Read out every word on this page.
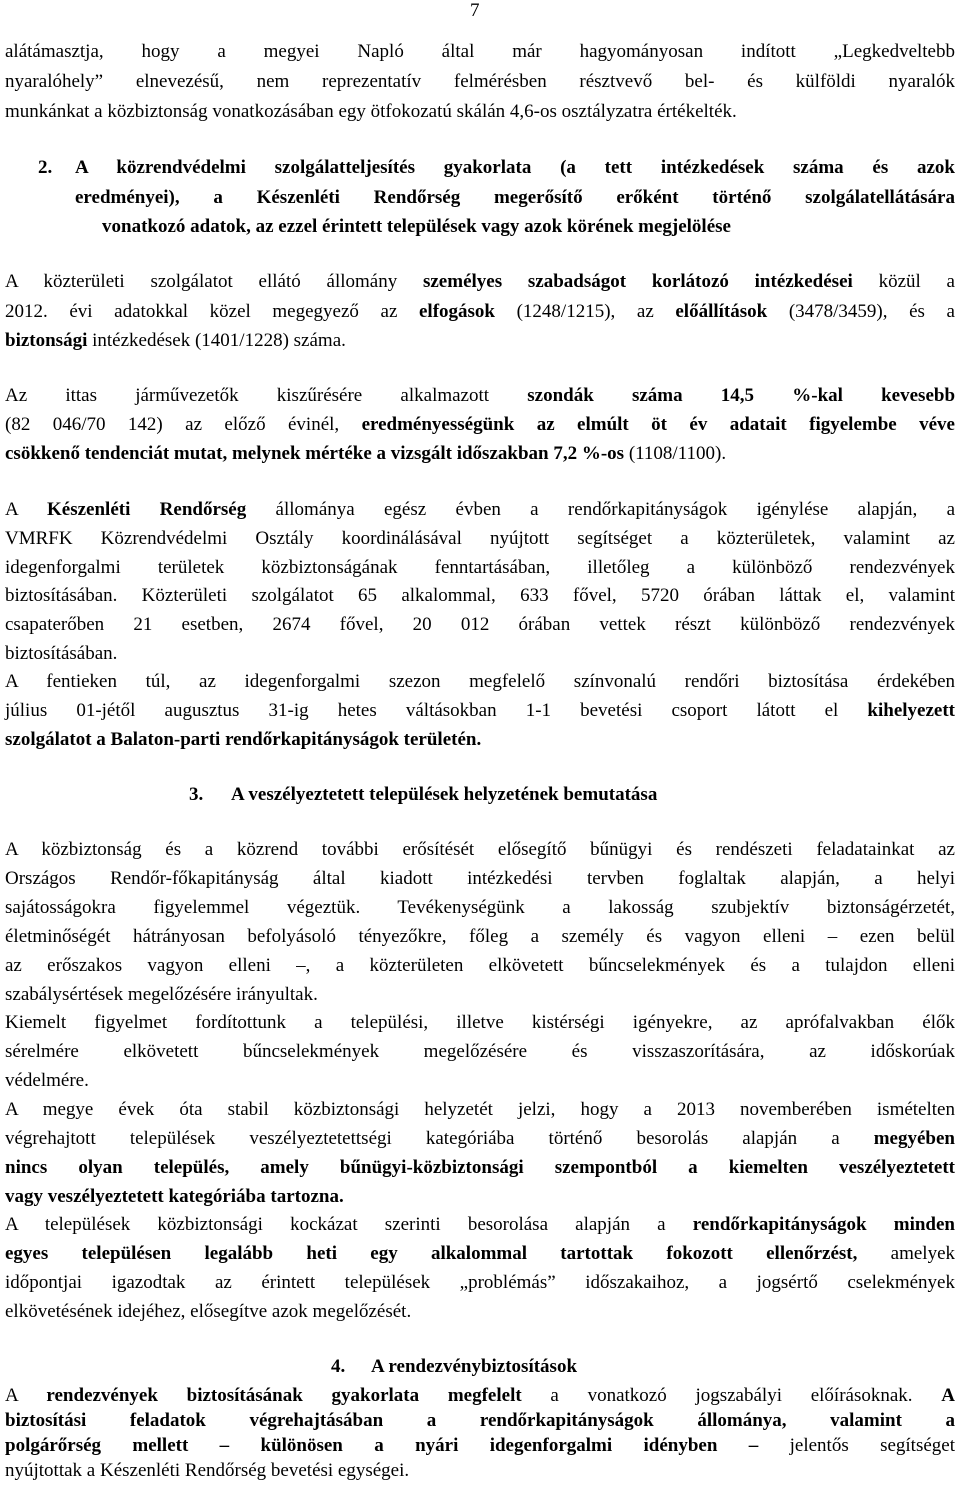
7
alátámasztja, hogy a megyei Napló által már hagyományosan indított „Legkedveltebb
nyaralóhely” elnevezésű, nem reprezentatív felmérésben résztvevő bel- és külföldi nyaralók
munkánkat a közbiztonság vonatkozásában egy ötfokozatú skálán 4,6-os osztályzatra értékelték.
2. A közrendvédelmi szolgálatteljesítés gyakorlata (a tett intézkedések száma és azok
eredményei), a Készenléti Rendőrség megerősítő erőként történő szolgálatellátására
vonatkozó adatok, az ezzel érintett települések vagy azok körének megjelölése
A közterületi szolgálatot ellátó állomány személyes szabadságot korlátozó intézkedései közül a
2012. évi adatokkal közel megegyező az elfogások (1248/1215), az előállítások (3478/3459), és a
biztonsági intézkedések (1401/1228) száma.
Az ittas járművezetők kiszűrésére alkalmazott szondák száma 14,5 %-kal kevesebb
(82 046/70 142) az előző évinél, eredményességünk az elmúlt öt év adatait figyelembe véve
csökkenő tendenciát mutat, melynek mértéke a vizsgált időszakban 7,2 %-os (1108/1100).
A Készenléti Rendőrség állománya egész évben a rendőrkapitányságok igénylése alapján, a
VMRFK Közrendvédelmi Osztály koordinálásával nyújtott segítséget a közterületek, valamint az
idegenforgalmi területek közbiztonságának fenntartásában, illetőleg a különböző rendezvények
biztosításában. Közterületi szolgálatot 65 alkalommal, 633 fővel, 5720 órában láttak el, valamint
csapaterőben 21 esetben, 2674 fővel, 20 012 órában vettek részt különböző rendezvények
biztosításában.
A fentieken túl, az idegenforgalmi szezon megfelelő színvonalú rendőri biztosítása érdekében
július 01-jétől augusztus 31-ig hetes váltásokban 1-1 bevetési csoport látott el kihelyezett
szolgálatot a Balaton-parti rendőrkapitányságok területén.
3. A veszélyeztetett települések helyzetének bemutatása
A közbiztonság és a közrend további erősítését elősegítő bűnügyi és rendészeti feladatainkat az
Országos Rendőr-főkapitányság által kiadott intézkedési tervben foglaltak alapján, a helyi
sajátosságokra figyelemmel végeztük. Tevékenységünk a lakosság szubjektív biztonságérzetét,
életminőségét hátrányosan befolyásoló tényezőkre, főleg a személy és vagyon elleni – ezen belül
az erőszakos vagyon elleni –, a közterületen elkövetett bűncselekmények és a tulajdon elleni
szabálysértések megelőzésére irányultak.
Kiemelt figyelmet fordítottunk a települési, illetve kistérségi igényekre, az aprófalvakban élők
sérelmére elkövetett bűncselekmények megelőzésére és visszaszorítására, az időskorúak
védelmére.
A megye évek óta stabil közbiztonsági helyzetét jelzi, hogy a 2013 novemberében ismételten
végrehajtott települések veszélyeztetettségi kategóriába történő besorolás alapján a megyében
nincs olyan település, amely bűnügyi-közbiztonsági szempontból a kiemelten veszélyeztetett
vagy veszélyeztetett kategóriába tartozna.
A települések közbiztonsági kockázat szerinti besorolása alapján a rendőrkapitányságok minden
egyes településen legalább heti egy alkalommal tartottak fokozott ellenőrzést, amelyek
időpontjai igazodtak az érintett települések „problémás” időszakaihoz, a jogsértő cselekmények
elkövetésének idejéhez, elősegítve azok megelőzését.
4. A rendezvénybiztosítások
A rendezvények biztosításának gyakorlata megfelelt a vonatkozó jogszabályi előírásoknak. A
biztosítási feladatok végrehajtásában a rendőrkapitányságok állománya, valamint a
polgárőrség mellett – különösen a nyári idegenforgalmi idényben – jelentős segítséget
nyújtottak a Készenléti Rendőrség bevetési egységei.
